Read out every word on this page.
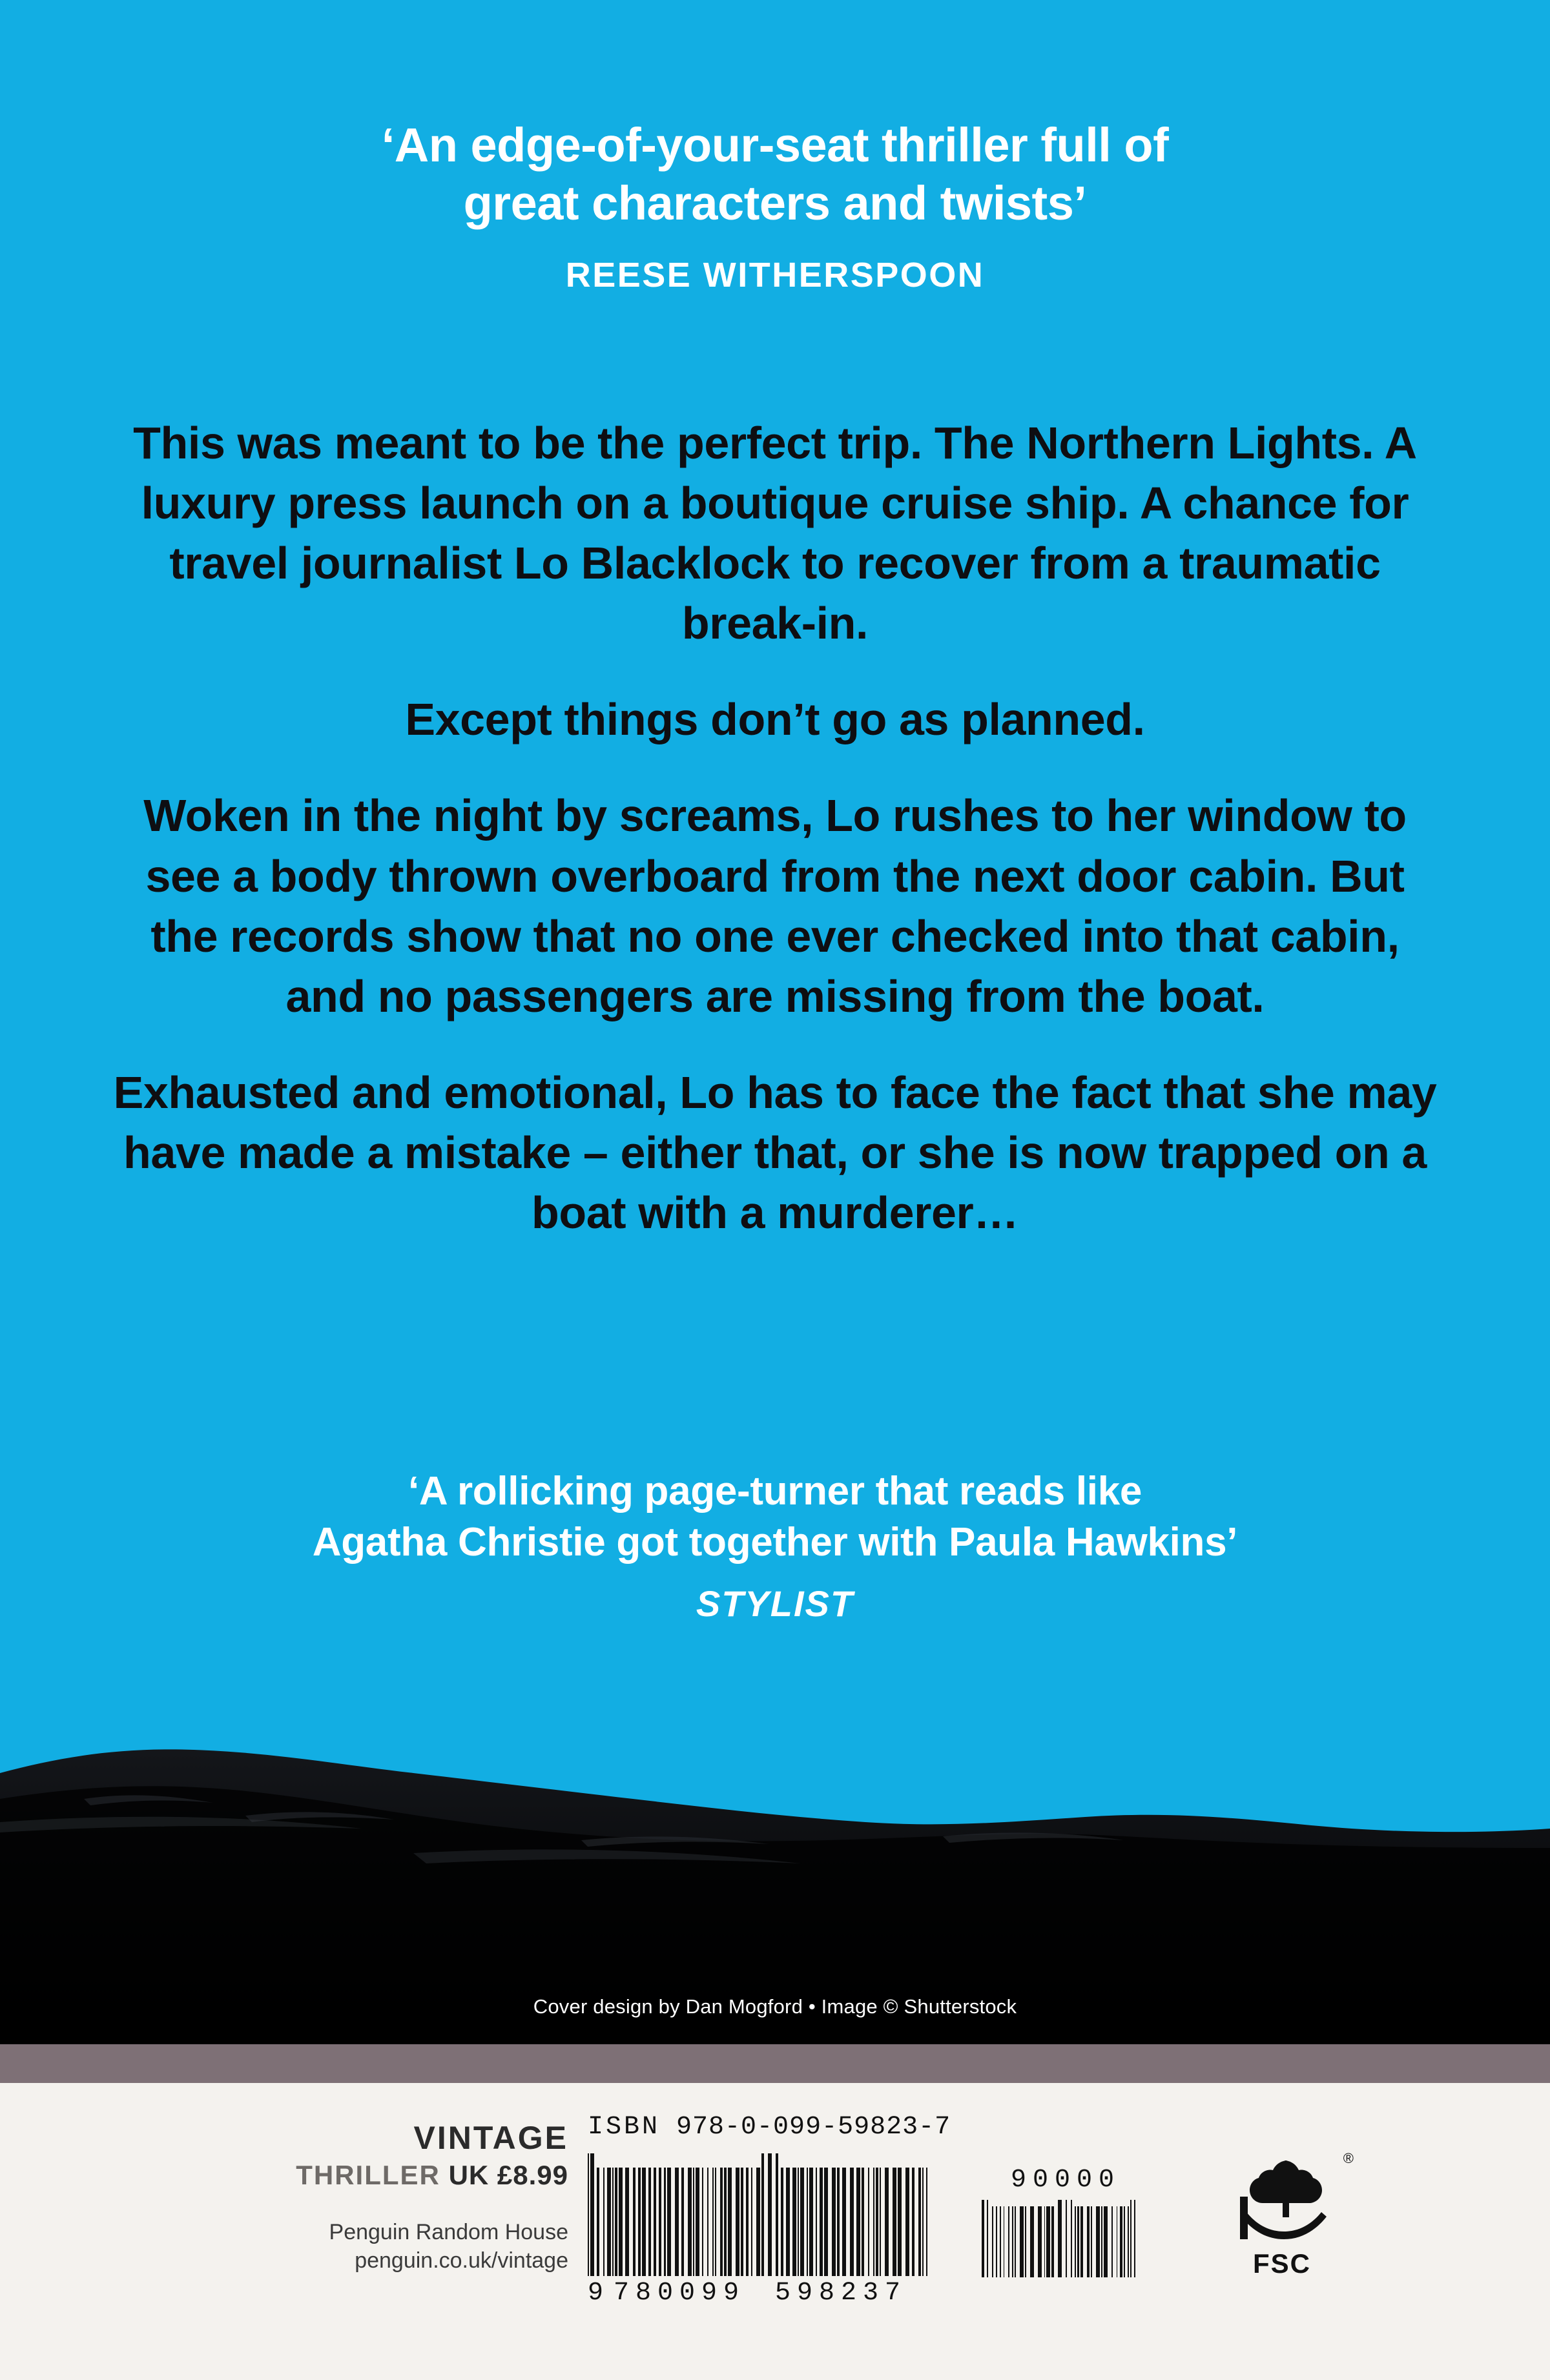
‘An edge-of-your-seat thriller full of
great characters and twists’
REESE WITHERSPOON

This was meant to be the perfect trip. The Northern Lights. A luxury press launch on a boutique cruise ship. A chance for travel journalist Lo Blacklock to recover from a traumatic break-in.

Except things don’t go as planned.

Woken in the night by screams, Lo rushes to her window to see a body thrown overboard from the next door cabin. But the records show that no one ever checked into that cabin, and no passengers are missing from the boat.

Exhausted and emotional, Lo has to face the fact that she may have made a mistake – either that, or she is now trapped on a boat with a murderer…

‘A rollicking page-turner that reads like
Agatha Christie got together with Paula Hawkins’
STYLIST
Cover design by Dan Mogford • Image © Shutterstock
VINTAGE
THRILLER UK £8.99
Penguin Random House
penguin.co.uk/vintage
ISBN 978-0-099-59823-7
9 780099	598237
90000
®
FSC
